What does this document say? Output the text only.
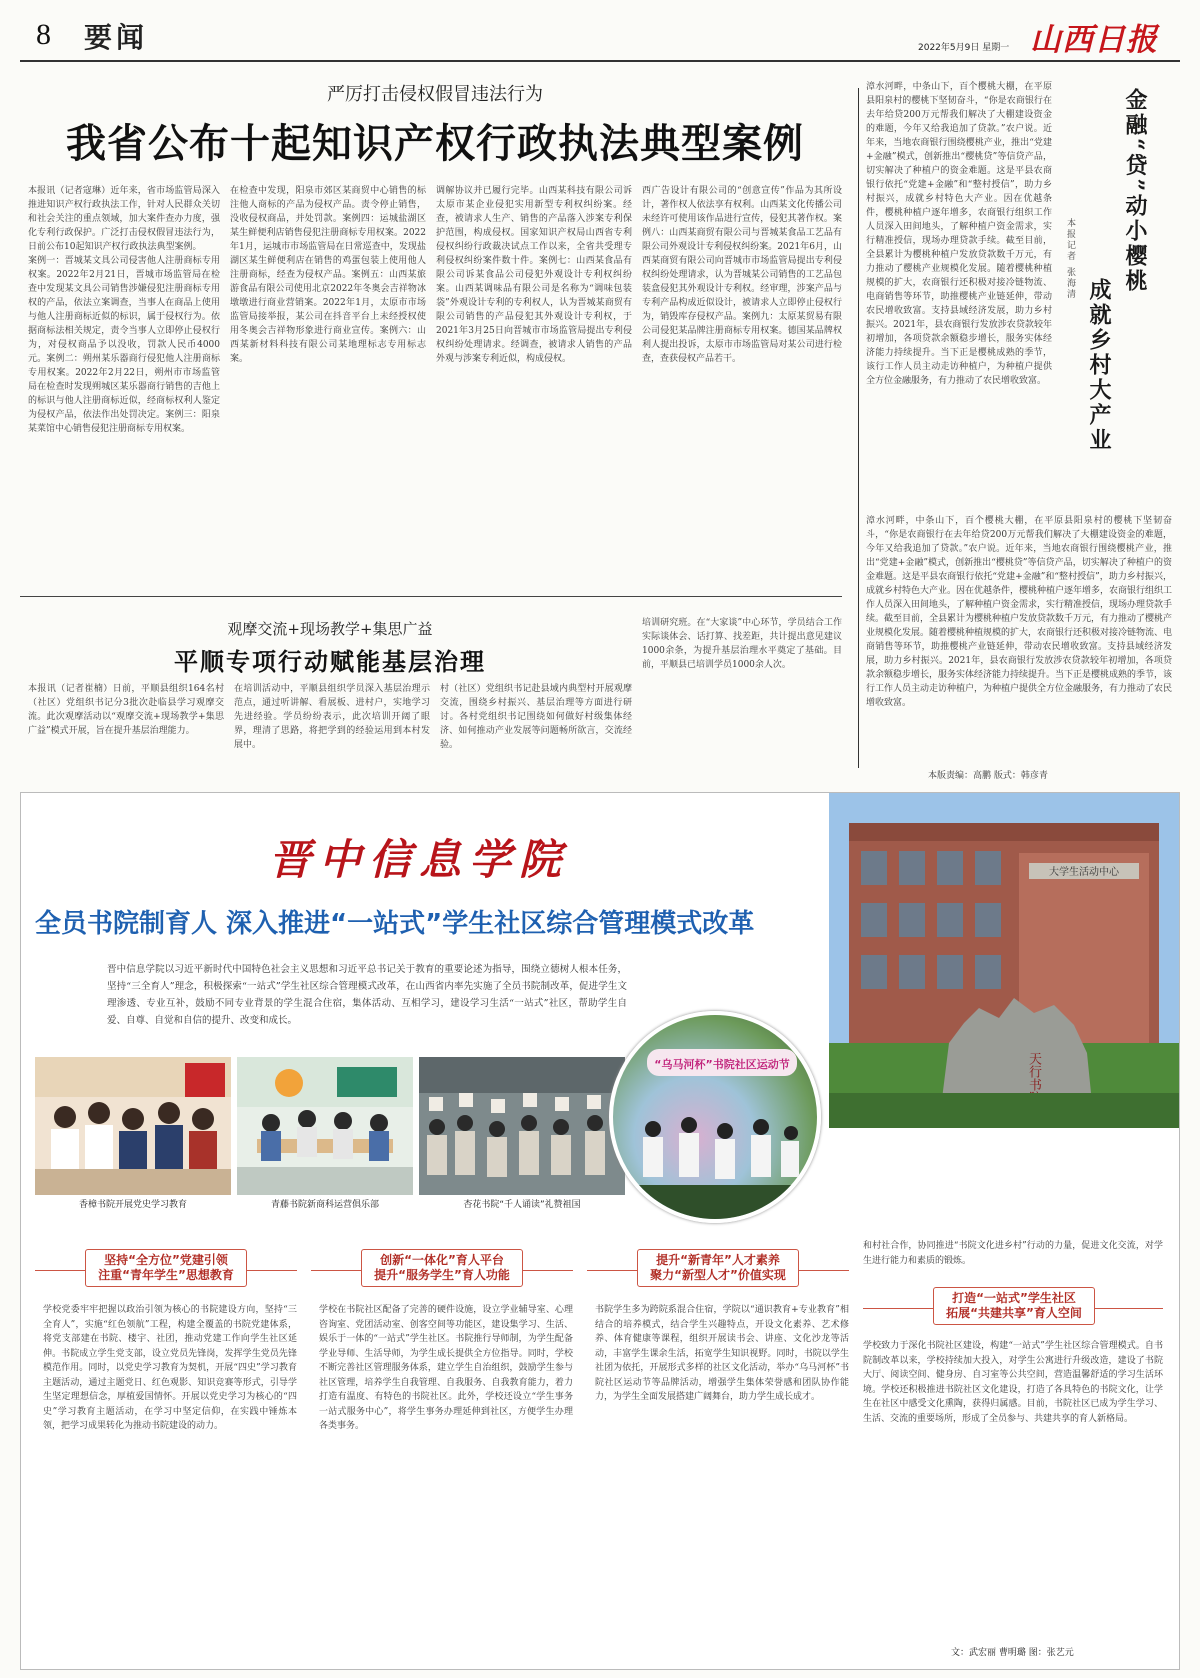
8 要闻	2022年5月9日 星期一 山西日报
严厉打击侵权假冒违法行为
我省公布十起知识产权行政执法典型案例
本报讯（记者寇琳）近年来，省市场监管局深入推进知识产权行政执法工作，针对人民群众关切和社会关注的重点领域，加大案件查办力度，强化专利行政保护。广泛打击侵权假冒违法行为，日前公布10起知识产权行政执法典型案例。
案例一：晋城某文具公司侵害他人注册商标专用权案。2022年2月21日，晋城市场监管局在检查中发现某文具公司销售涉嫌侵犯注册商标专用权的产品，依法立案调查，当事人在商品上使用与他人注册商标近似的标识，属于侵权行为。依据商标法相关规定，责令当事人立即停止侵权行为，对侵权商品予以没收，罚款人民币4000元。案例二：朔州某乐器商行侵犯他人注册商标专用权案。2022年2月22日，朔州市市场监管局在检查时发现朔城区某乐器商行销售的吉他上的标识与他人注册商标近似，经商标权利人鉴定为侵权产品，依法作出处罚决定。案例三：阳泉某菜馆中心销售侵犯注册商标专用权案。
在检查中发现，阳泉市郊区某商贸中心销售的标注他人商标的产品为侵权产品。责令停止销售，没收侵权商品，并处罚款。案例四：运城盐湖区某生鲜便利店销售侵犯注册商标专用权案。2022年1月，运城市市场监管局在日常巡查中，发现盐湖区某生鲜便利店在销售的鸡蛋包装上使用他人注册商标，经查为侵权产品。案例五：山西某旅游食品有限公司使用北京2022年冬奥会吉祥物冰墩墩进行商业营销案。2022年1月，太原市市场监管局接举报，某公司在抖音平台上未经授权使用冬奥会吉祥物形象进行商业宣传。案例六：山西某新材料科技有限公司某地理标志专用标志案。
调解协议并已履行完毕。山西某科技有限公司诉太原市某企业侵犯实用新型专利权纠纷案。经查，被请求人生产、销售的产品落入涉案专利保护范围，构成侵权。国家知识产权局山西省专利侵权纠纷行政裁决试点工作以来，全省共受理专利侵权纠纷案件数十件。案例七：山西某食品有限公司诉某食品公司侵犯外观设计专利权纠纷案。山西某调味品有限公司是名称为“调味包装袋”外观设计专利的专利权人，认为晋城某商贸有限公司销售的产品侵犯其外观设计专利权，于2021年3月25日向晋城市市场监管局提出专利侵权纠纷处理请求。经调查，被请求人销售的产品外观与涉案专利近似，构成侵权。
西广告设计有限公司的“创意宣传”作品为其所设计，著作权人依法享有权利。山西某文化传播公司未经许可使用该作品进行宣传，侵犯其著作权。案例八：山西某商贸有限公司与晋城某食品工艺品有限公司外观设计专利侵权纠纷案。2021年6月，山西某商贸有限公司向晋城市市场监管局提出专利侵权纠纷处理请求，认为晋城某公司销售的工艺品包装盒侵犯其外观设计专利权。经审理，涉案产品与专利产品构成近似设计，被请求人立即停止侵权行为，销毁库存侵权产品。案例九：太原某贸易有限公司侵犯某品牌注册商标专用权案。德国某品牌权利人提出投诉，太原市市场监管局对某公司进行检查，查获侵权产品若干。
观摩交流+现场教学+集思广益
平顺专项行动赋能基层治理
本报讯（记者崔楠）日前，平顺县组织164名村（社区）党组织书记分3批次赴临县学习观摩交流。此次观摩活动以“观摩交流+现场教学+集思广益”模式开展，旨在提升基层治理能力。
在培训活动中，平顺县组织学员深入基层治理示范点，通过听讲解、看展板、进村户，实地学习先进经验。学员纷纷表示，此次培训开阔了眼界，理清了思路，将把学到的经验运用到本村发展中。
村（社区）党组织书记赴县域内典型村开展观摩交流，围绕乡村振兴、基层治理等方面进行研讨。各村党组织书记围绕如何做好村级集体经济、如何推动产业发展等问题畅所欲言，交流经验。
培训研究班。在“大家谈”中心环节，学员结合工作实际谈体会、话打算、找差距，共计提出意见建议1000余条，为提升基层治理水平奠定了基础。目前，平顺县已培训学员1000余人次。
漳水河畔，中条山下，百个樱桃大棚，在平原县阳泉村的樱桃下坚韧奋斗，“你是农商银行在去年给贷200万元帮我们解决了大棚建设资金的难题，今年又给我追加了贷款。”农户说。近年来，当地农商银行围绕樱桃产业，推出“党建+金融”模式，创新推出“樱桃贷”等信贷产品，切实解决了种植户的资金难题。这是平县农商银行依托“党建+金融”和“整村授信”，助力乡村振兴，成就乡村特色大产业。因在优越条件，樱桃种植户逐年增多，农商银行组织工作人员深入田间地头，了解种植户资金需求，实行精准授信，现场办理贷款手续。截至目前，全县累计为樱桃种植户发放贷款数千万元，有力推动了樱桃产业规模化发展。随着樱桃种植规模的扩大，农商银行还积极对接冷链物流、电商销售等环节，助推樱桃产业链延伸，带动农民增收致富。支持县域经济发展，助力乡村振兴。2021年，县农商银行发放涉农贷款较年初增加，各项贷款余额稳步增长，服务实体经济能力持续提升。当下正是樱桃成熟的季节，该行工作人员主动走访种植户，为种植户提供全方位金融服务，有力推动了农民增收致富。
金融“贷”动小樱桃
成就乡村大产业
本报记者 张海清
漳水河畔，中条山下，百个樱桃大棚，在平原县阳泉村的樱桃下坚韧奋斗，“你是农商银行在去年给贷200万元帮我们解决了大棚建设资金的难题，今年又给我追加了贷款。”农户说。近年来，当地农商银行围绕樱桃产业，推出“党建+金融”模式，创新推出“樱桃贷”等信贷产品，切实解决了种植户的资金难题。这是平县农商银行依托“党建+金融”和“整村授信”，助力乡村振兴，成就乡村特色大产业。因在优越条件，樱桃种植户逐年增多，农商银行组织工作人员深入田间地头，了解种植户资金需求，实行精准授信，现场办理贷款手续。截至目前，全县累计为樱桃种植户发放贷款数千万元，有力推动了樱桃产业规模化发展。随着樱桃种植规模的扩大，农商银行还积极对接冷链物流、电商销售等环节，助推樱桃产业链延伸，带动农民增收致富。支持县域经济发展，助力乡村振兴。2021年，县农商银行发放涉农贷款较年初增加，各项贷款余额稳步增长，服务实体经济能力持续提升。当下正是樱桃成熟的季节，该行工作人员主动走访种植户，为种植户提供全方位金融服务，有力推动了农民增收致富。
本版责编：高鹏 版式：韩彦青
大学生活动中心
天行书院
晋中信息学院
全员书院制育人 深入推进“一站式”学生社区综合管理模式改革
晋中信息学院以习近平新时代中国特色社会主义思想和习近平总书记关于教育的重要论述为指导，围绕立德树人根本任务，坚持“三全育人”理念，积极探索“一站式”学生社区综合管理模式改革，在山西省内率先实施了全员书院制改革，促进学生文理渗透、专业互补，鼓励不同专业背景的学生混合住宿，集体活动、互相学习，建设学习生活“一站式”社区，帮助学生自爱、自尊、自觉和自信的提升、改变和成长。
香樟书院开展党史学习教育	青藤书院新商科运营俱乐部	杏花书院“千人诵读”礼赞祖国
“乌马河杯”书院社区运动节
坚持“全方位”党建引领
注重“青年学生”思想教育
学校党委牢牢把握以政治引领为核心的书院建设方向，坚持“三全育人”，实施“红色领航”工程，构建全覆盖的书院党建体系，将党支部建在书院、楼宇、社团，推动党建工作向学生社区延伸。书院成立学生党支部，设立党员先锋岗，发挥学生党员先锋模范作用。同时，以党史学习教育为契机，开展“四史”学习教育主题活动，通过主题党日、红色观影、知识竞赛等形式，引导学生坚定理想信念，厚植爱国情怀。开展以党史学习为核心的“四史”学习教育主题活动，在学习中坚定信仰，在实践中锤炼本领，把学习成果转化为推动书院建设的动力。
创新“一体化”育人平台
提升“服务学生”育人功能
学校在书院社区配备了完善的硬件设施，设立学业辅导室、心理咨询室、党团活动室、创客空间等功能区，建设集学习、生活、娱乐于一体的“一站式”学生社区。书院推行导师制，为学生配备学业导师、生活导师，为学生成长提供全方位指导。同时，学校不断完善社区管理服务体系，建立学生自治组织，鼓励学生参与社区管理，培养学生自我管理、自我服务、自我教育能力，着力打造有温度、有特色的书院社区。此外，学校还设立“学生事务一站式服务中心”，将学生事务办理延伸到社区，方便学生办理各类事务。
提升“新青年”人才素养
聚力“新型人才”价值实现
书院学生多为跨院系混合住宿，学院以“通识教育+专业教育”相结合的培养模式，结合学生兴趣特点，开设文化素养、艺术修养、体育健康等课程，组织开展读书会、讲座、文化沙龙等活动，丰富学生课余生活，拓宽学生知识视野。同时，书院以学生社团为依托，开展形式多样的社区文化活动，举办“乌马河杯”书院社区运动节等品牌活动，增强学生集体荣誉感和团队协作能力，为学生全面发展搭建广阔舞台，助力学生成长成才。
和村社合作，协同推进“书院文化进乡村”行动的力量，促进文化交流，对学生进行能力和素质的锻炼。
打造“一站式”学生社区
拓展“共建共享”育人空间
学校致力于深化书院社区建设，构建“一站式”学生社区综合管理模式。自书院制改革以来，学校持续加大投入，对学生公寓进行升级改造，建设了书院大厅、阅读空间、健身房、自习室等公共空间，营造温馨舒适的学习生活环境。学校还积极推进书院社区文化建设，打造了各具特色的书院文化，让学生在社区中感受文化熏陶，获得归属感。目前，书院社区已成为学生学习、生活、交流的重要场所，形成了全员参与、共建共享的育人新格局。
文：武宏丽 曹明璐 图：张艺元
